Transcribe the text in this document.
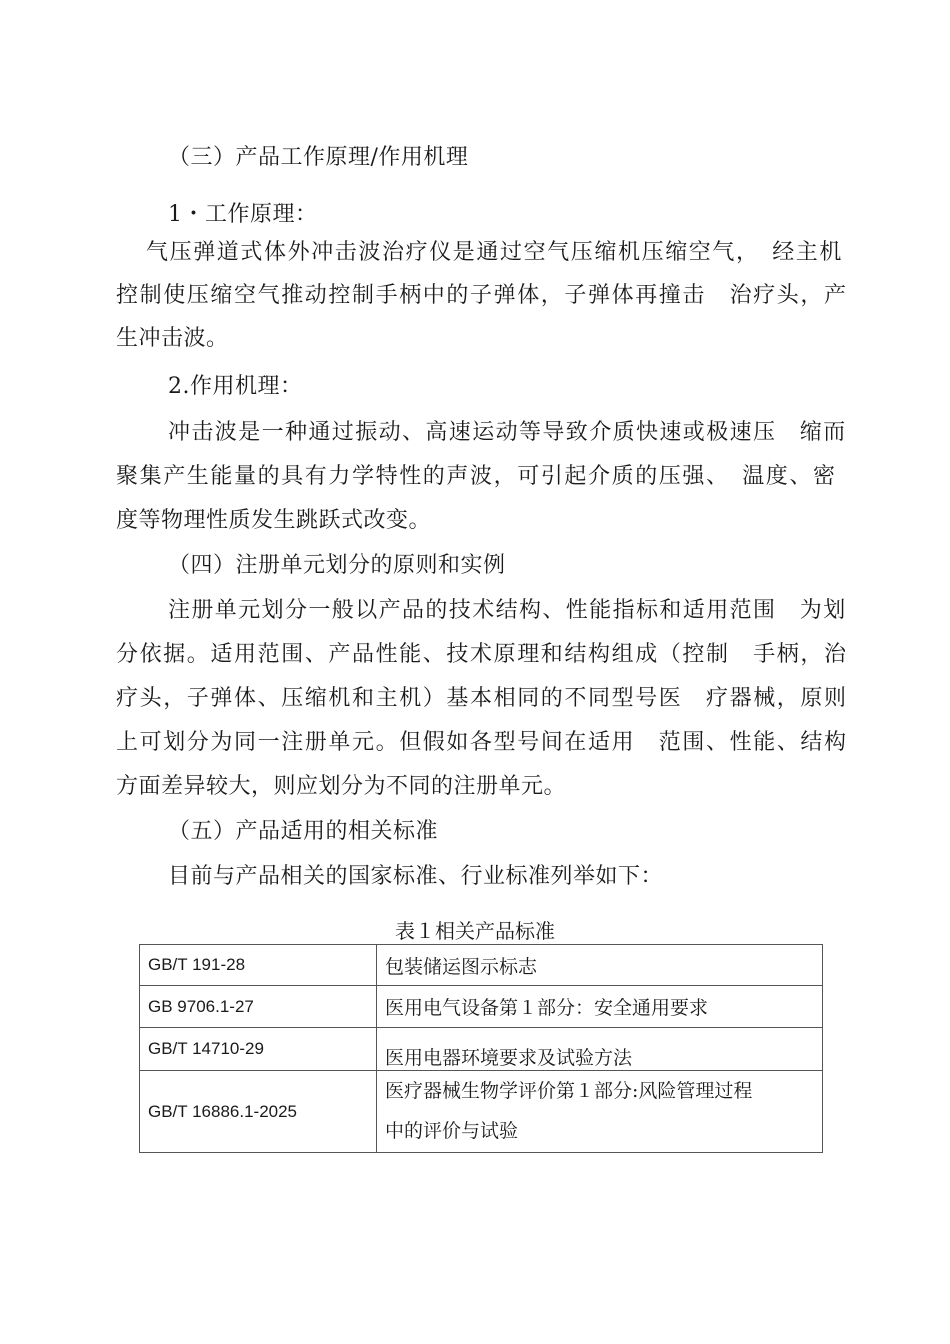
（三）产品工作原理/作用机理
1・工作原理：
气压弹道式体外冲击波治疗仪是通过空气压缩机压缩空气，　经主机
控制使压缩空气推动控制手柄中的子弹体，子弹体再撞击　治疗头，产
生冲击波。
2.作用机理：
冲击波是一种通过振动、高速运动等导致介质快速或极速压　缩而
聚集产生能量的具有力学特性的声波，可引起介质的压强、　温度、密
度等物理性质发生跳跃式改变。
（四）注册单元划分的原则和实例
注册单元划分一般以产品的技术结构、性能指标和适用范围　为划
分依据。适用范围、产品性能、技术原理和结构组成（控制　手柄，治
疗头，子弹体、压缩机和主机）基本相同的不同型号医　疗器械，原则
上可划分为同一注册单元。但假如各型号间在适用　范围、性能、结构
方面差异较大，则应划分为不同的注册单元。
（五）产品适用的相关标准
目前与产品相关的国家标准、行业标准列举如下：
表１相关产品标准
GB/T 191-28	包装储运图示标志
GB 9706.1-27	医用电气设备第１部分：安全通用要求
GB/T 14710-29	医用电器环境要求及试验方法
GB/T 16886.1-2025	医疗器械生物学评价第１部分:风险管理过程
中的评价与试验
